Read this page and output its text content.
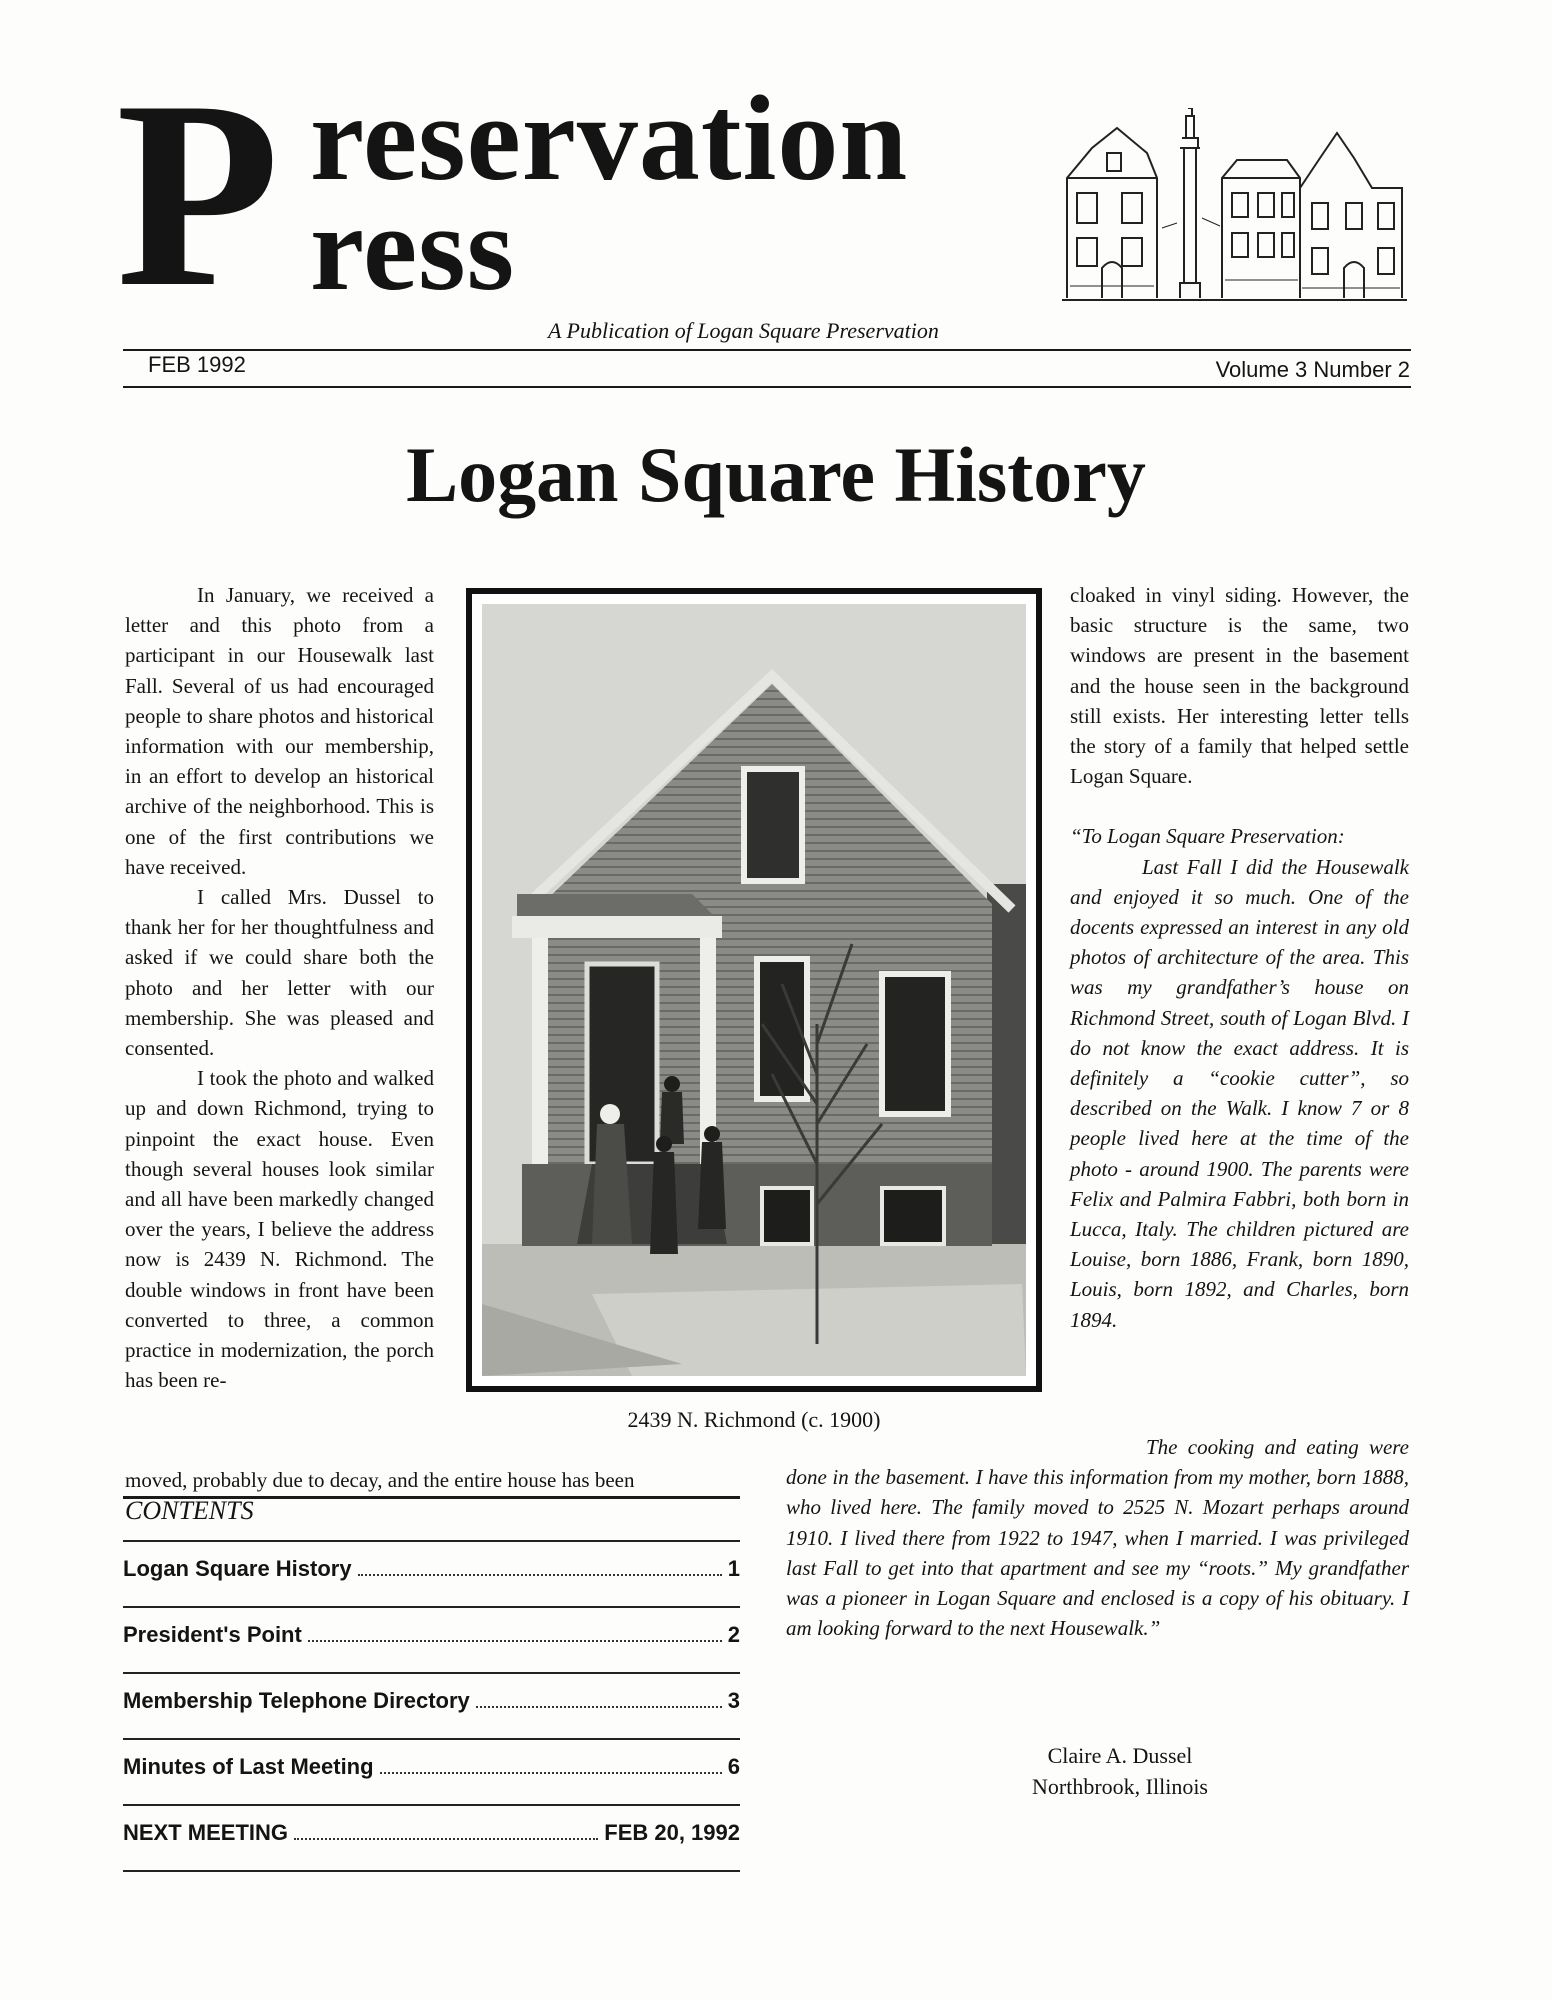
P reservation
ress
A Publication of Logan Square Preservation
FEB 1992	Volume 3 Number 2
Logan Square History

In January, we received a letter and this photo from a participant in our Housewalk last Fall. Several of us had encouraged people to share photos and historical information with our membership, in an effort to develop an historical archive of the neighborhood. This is one of the first contributions we have received.

I called Mrs. Dussel to thank her for her thoughtfulness and asked if we could share both the photo and her letter with our membership. She was pleased and consented.

I took the photo and walked up and down Richmond, trying to pinpoint the exact house. Even though several houses look similar and all have been markedly changed over the years, I believe the address now is 2439 N. Richmond. The double windows in front have been converted to three, a common practice in modernization, the porch has been re-

moved, probably due to decay, and the entire house has been
2439 N. Richmond (c. 1900)

cloaked in vinyl siding. However, the basic structure is the same, two windows are present in the basement and the house seen in the background still exists. Her interesting letter tells the story of a family that helped settle Logan Square.

“To Logan Square Preservation:

Last Fall I did the Housewalk and enjoyed it so much. One of the docents expressed an interest in any old photos of architecture of the area. This was my grandfather’s house on Richmond Street, south of Logan Blvd. I do not know the exact address. It is definitely a “cookie cutter”, so described on the Walk. I know 7 or 8 people lived here at the time of the photo - around 1900. The parents were Felix and Palmira Fabbri, both born in Lucca, Italy. The children pictured are Louise, born 1886, Frank, born 1890, Louis, born 1892, and Charles, born 1894.

The cooking and eating were done in the basement. I have this information from my mother, born 1888, who lived here. The family moved to 2525 N. Mozart perhaps around 1910. I lived there from 1922 to 1947, when I married. I was privileged last Fall to get into that apartment and see my “roots.” My grandfather was a pioneer in Logan Square and enclosed is a copy of his obituary. I am looking forward to the next Housewalk.”
CONTENTS
Logan Square History	1
President's Point	2
Membership Telephone Directory	3
Minutes of Last Meeting	6
NEXT MEETING	FEB 20, 1992
Claire A. Dussel
Northbrook, Illinois
